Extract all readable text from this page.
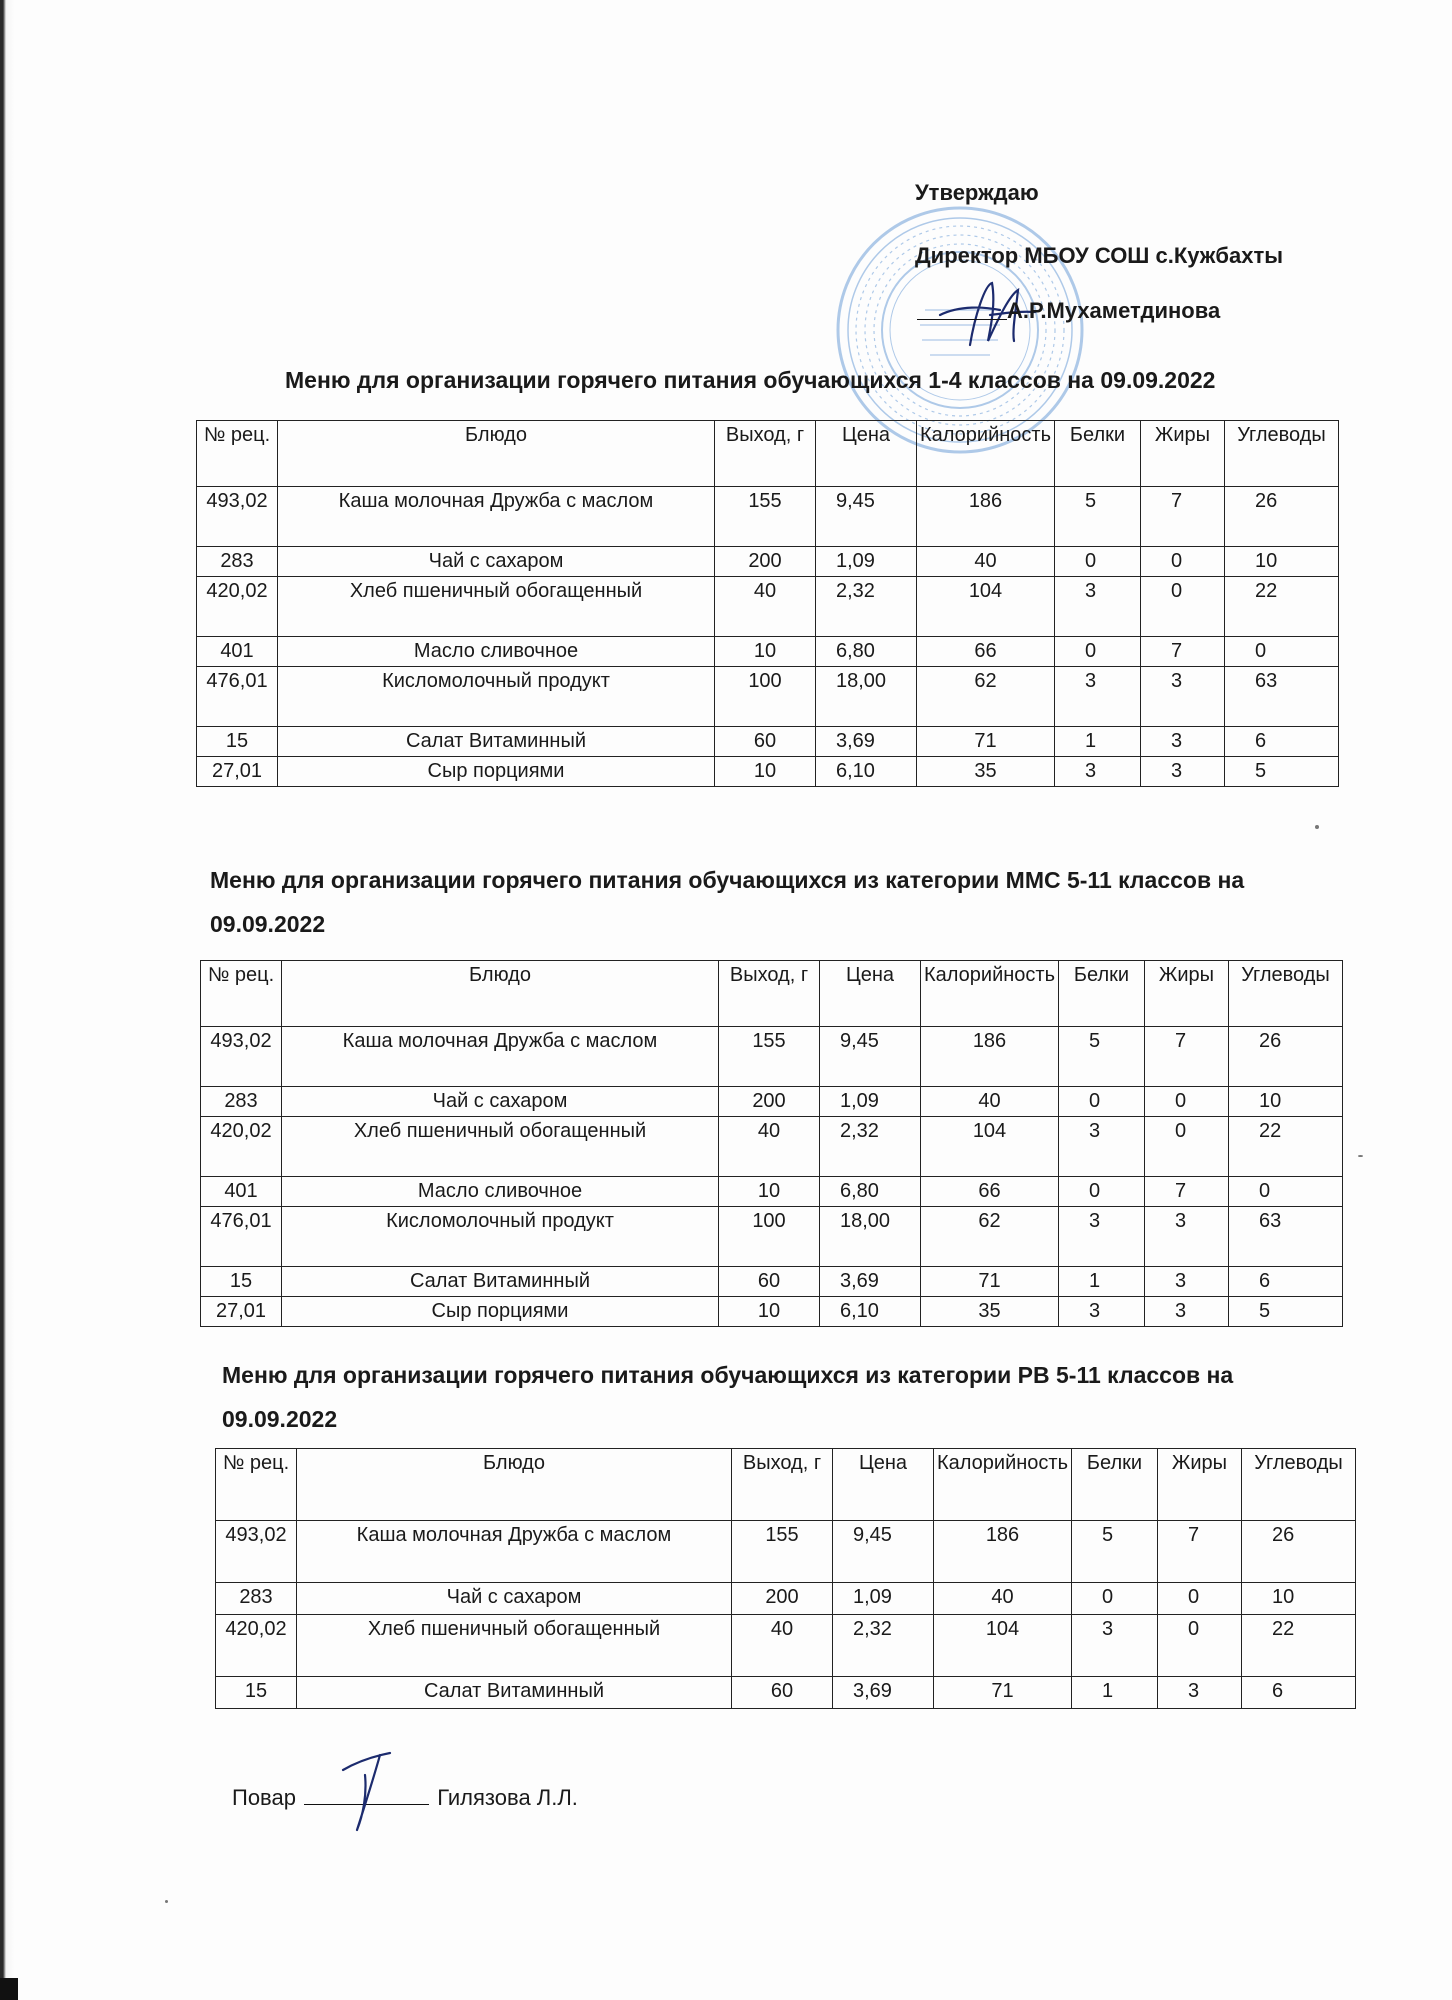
Утверждаю
Директор МБОУ СОШ с.Кужбахты
А.Р.Мухаметдинова
Меню для организации горячего питания обучающихся 1-4 классов на 09.09.2022
№ рец.	Блюдо	Выход, г	Цена	Калорийность	Белки	Жиры	Углеводы
493,02	Каша молочная Дружба с маслом	155	9,45	186	5	7	26
283	Чай с сахаром	200	1,09	40	0	0	10
420,02	Хлеб пшеничный обогащенный	40	2,32	104	3	0	22
401	Масло сливочное	10	6,80	66	0	7	0
476,01	Кисломолочный продукт	100	18,00	62	3	3	63
15	Салат Витаминный	60	3,69	71	1	3	6
27,01	Сыр порциями	10	6,10	35	3	3	5
Меню для организации горячего питания обучающихся из категории ММС 5-11 классов на
09.09.2022
№ рец.	Блюдо	Выход, г	Цена	Калорийность	Белки	Жиры	Углеводы
493,02	Каша молочная Дружба с маслом	155	9,45	186	5	7	26
283	Чай с сахаром	200	1,09	40	0	0	10
420,02	Хлеб пшеничный обогащенный	40	2,32	104	3	0	22
401	Масло сливочное	10	6,80	66	0	7	0
476,01	Кисломолочный продукт	100	18,00	62	3	3	63
15	Салат Витаминный	60	3,69	71	1	3	6
27,01	Сыр порциями	10	6,10	35	3	3	5
Меню для организации горячего питания обучающихся из категории РВ 5-11 классов на
09.09.2022
№ рец.	Блюдо	Выход, г	Цена	Калорийность	Белки	Жиры	Углеводы
493,02	Каша молочная Дружба с маслом	155	9,45	186	5	7	26
283	Чай с сахаром	200	1,09	40	0	0	10
420,02	Хлеб пшеничный обогащенный	40	2,32	104	3	0	22
15	Салат Витаминный	60	3,69	71	1	3	6
Повар	Гилязова Л.Л.
